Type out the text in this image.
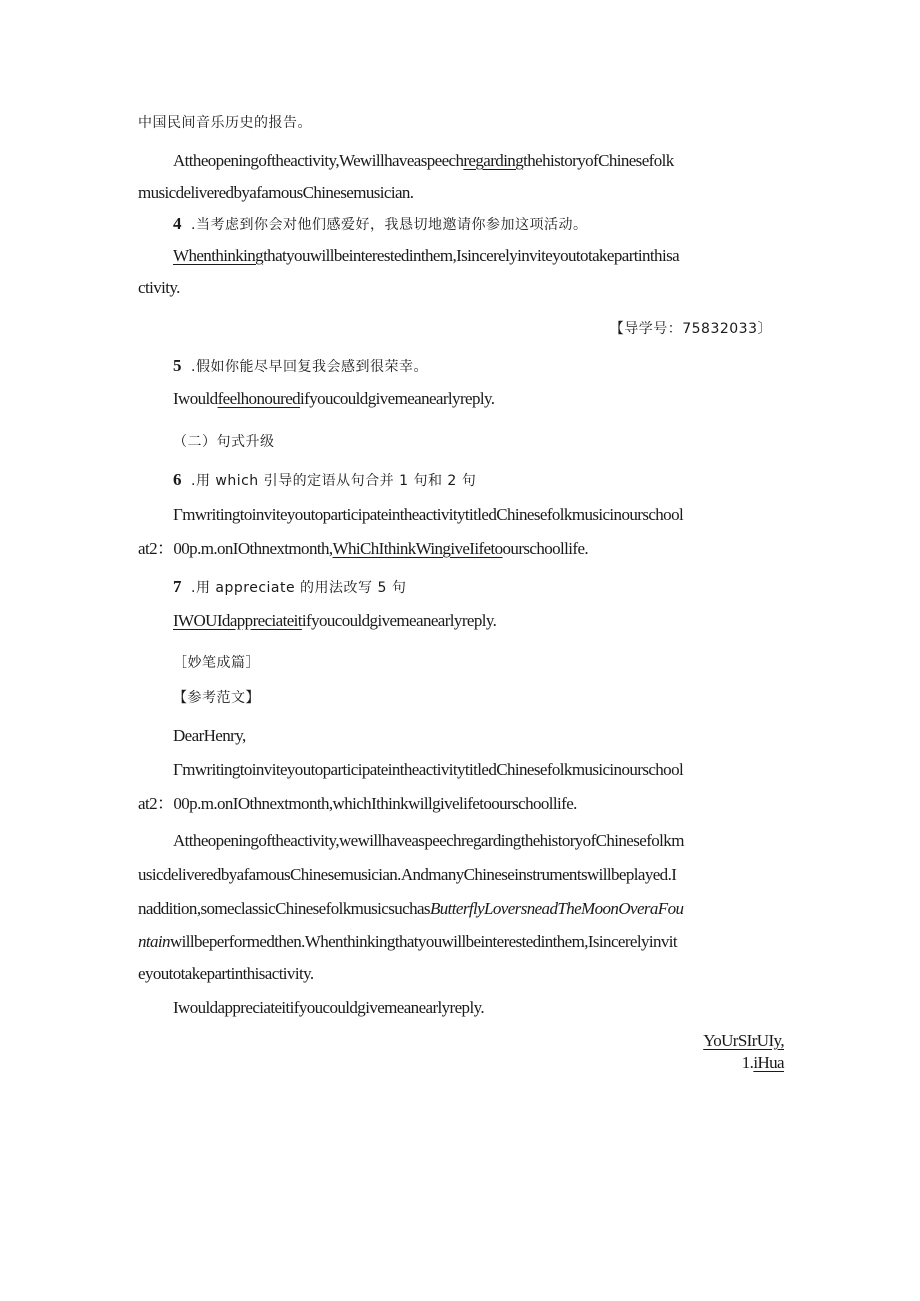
中国民间音乐历史的报告。
Attheopeningoftheactivity,WewillhaveaspeechregardingthehistoryofChinesefolk
musicdeliveredbyafamousChinesemusician.
4 .当考虑到你会对他们感爱好，我恳切地邀请你参加这项活动。
Whenthinkingthatyouwillbeinterestedinthem,Isincerelyinviteyoutotakepartinthisa
ctivity.
【导学号：75832033〕
5 .假如你能尽早回复我会感到很荣幸。
Iwouldfeelhonouredifyoucouldgivemeanearlyreply.
（二）句式升级
6 .用 which 引导的定语从句合并 1 句和 2 句
ΓmwritingtoinviteyoutoparticipateintheactivitytitledChinesefolkmusicinourschool
at2：00p.m.onIOthnextmonth,WhiChIthinkWingiveIifetoourschoollife.
7 .用 appreciate 的用法改写 5 句
IWOUIdappreciateitifyoucouldgivemeanearlyreply.
［妙笔成篇］
【参考范文】
DearHenry,
ΓmwritingtoinviteyoutoparticipateintheactivitytitledChinesefolkmusicinourschool
at2：00p.m.onIOthnextmonth,whichIthinkwillgivelifetoourschoollife.
Attheopeningoftheactivity,wewillhaveaspeechregardingthehistoryofChinesefolkm
usicdeliveredbyafamousChinesemusician.AndmanyChineseinstrumentswillbeplayed.I
naddition,someclassicChinesefolkmusicsuchasButterflyLoversneadTheMoonOveraFou
ntainwillbeperformedthen.Whenthinkingthatyouwillbeinterestedinthem,Isincerelyinvit
eyoutotakepartinthisactivity.
Iwouldappreciateitifyoucouldgivemeanearlyreply.
YoUrSIrUIy,
1.iHua
